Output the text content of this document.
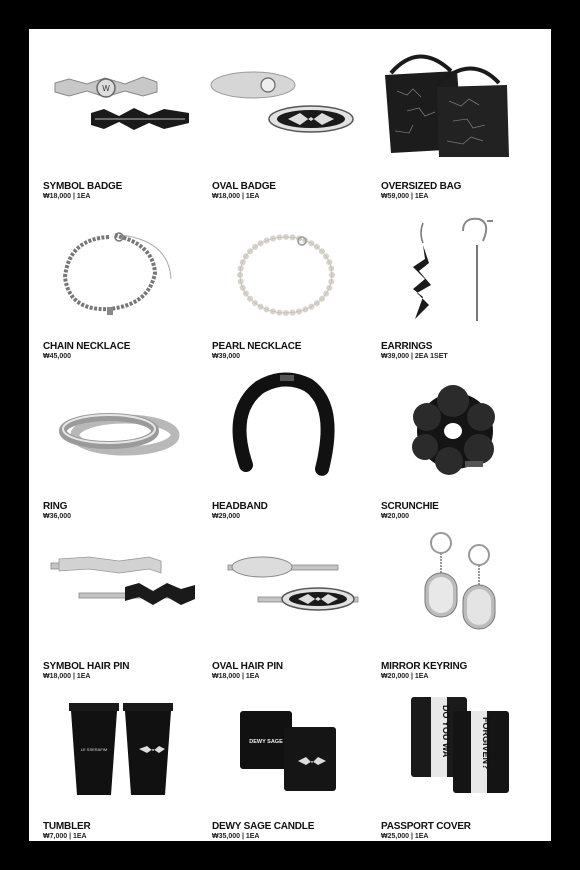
W
SYMBOL BADGE
₩18,000 | 1EA
OVAL BADGE
₩18,000 | 1EA
OVERSIZED BAG
₩59,000 | 1EA
CHAIN NECKLACE
₩45,000
PEARL NECKLACE
₩39,000
EARRINGS
₩39,000 | 2EA 1SET
RING
₩36,000
HEADBAND
₩29,000
SCRUNCHIE
₩20,000
SYMBOL HAIR PIN
₩18,000 | 1EA
OVAL HAIR PIN
₩18,000 | 1EA
MIRROR KEYRING
₩20,000 | 1EA
LE SSERAFIM
TUMBLER
₩7,000 | 1EA
DEWY SAGE
DEWY SAGE CANDLE
₩35,000 | 1EA
DO YOU WA	FORGIVEN?
PASSPORT COVER
₩25,000 | 1EA
